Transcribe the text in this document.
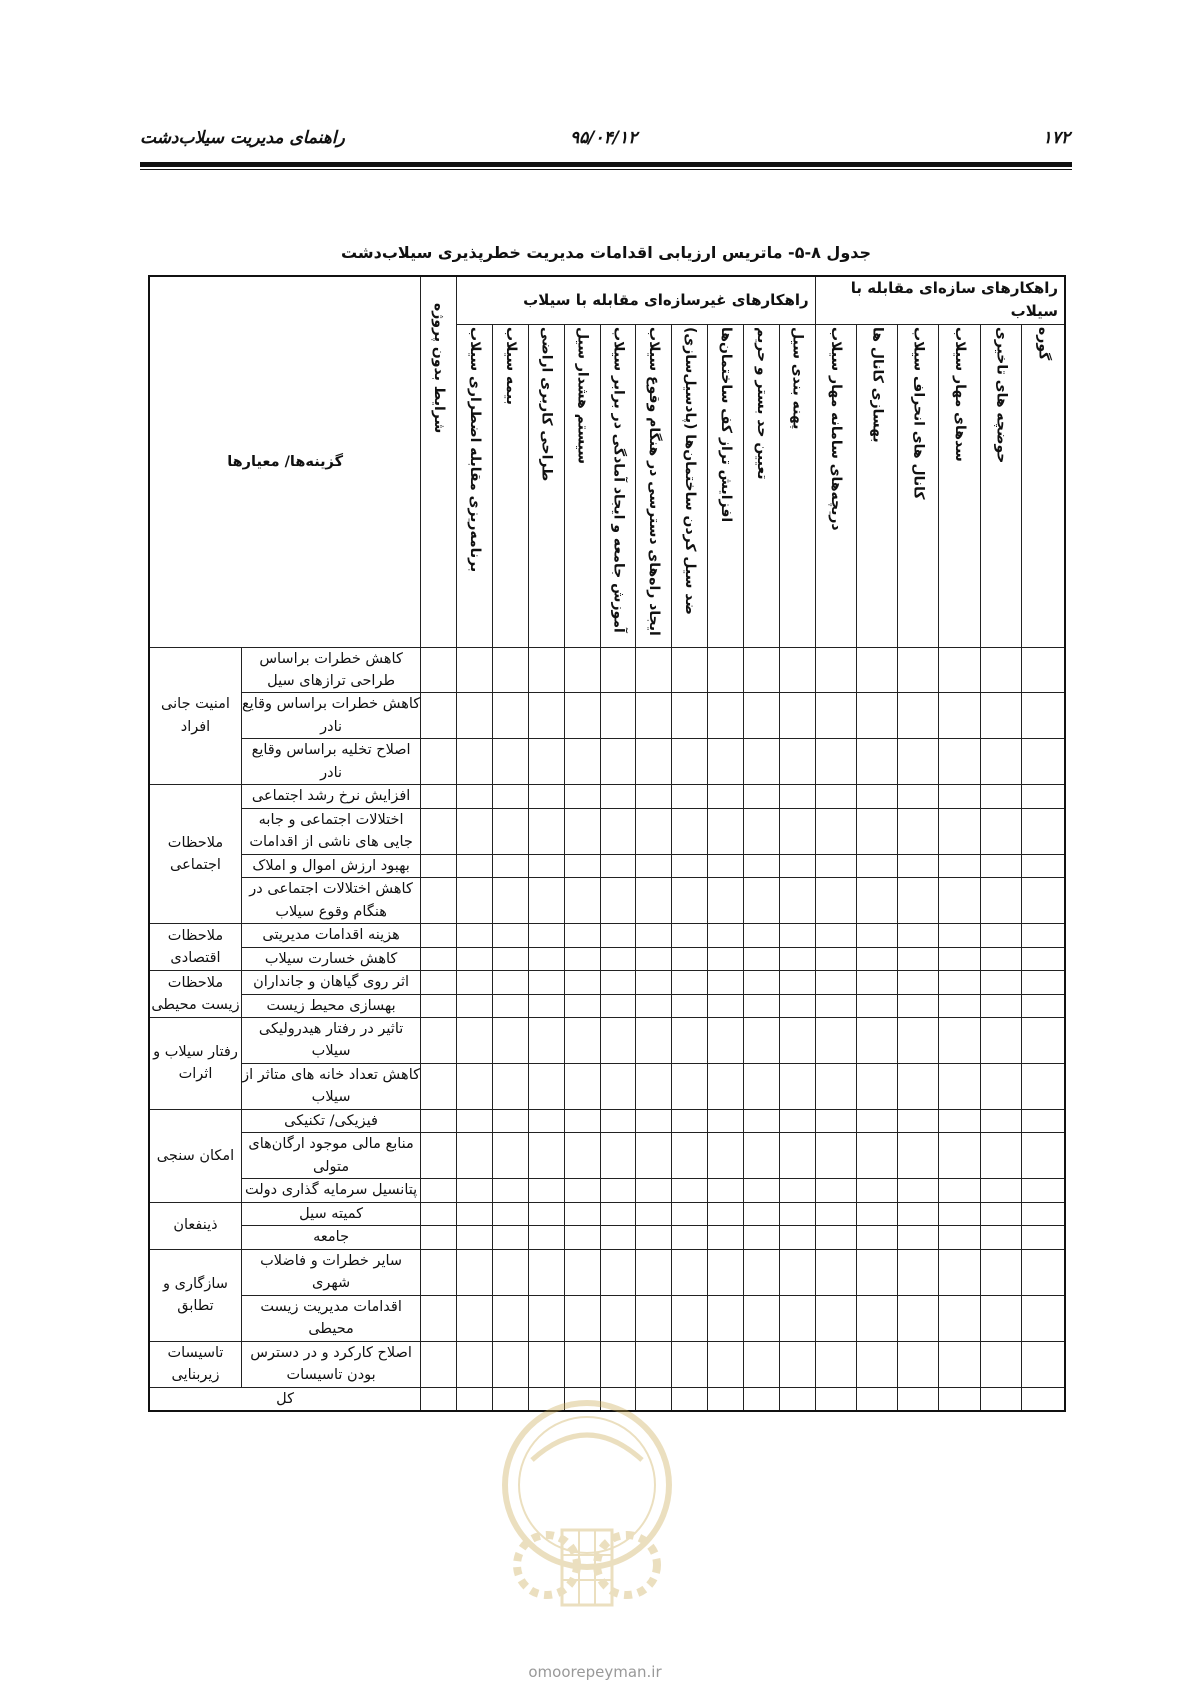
راهنمای مدیریت سیلاب‌دشت	۹۵/۰۴/۱۲	۱۷۲
جدول ۸-۵- ماتریس ارزیابی اقدامات مدیریت خطرپذیری سیلاب‌دشت
راهکارهای سازه‌ای مقابله با سیلاب						راهکارهای غیرسازه‌ای مقابله با سیلاب										شرایط بدون پروژه	گزینه‌ها/ معیارها	
گوره	حوضچه های تاخیری	سدهای مهار سیلاب	کانال های انحراف سیلاب	بهسازی کانال ها	دریچه‌های سامانه مهار سیلاب	پهنه بندی سیل	تعیین حد بستر و حریم	افزایش تراز کف ساختمان‌ها	ضد سیل کردن ساختمان‌ها (پادسیل‌سازی)	ایجاد راه‌های دسترسی در هنگام وقوع سیلاب	آموزش جامعه و ایجاد آمادگی در برابر سیلاب	سیستم هشدار سیل	طراحی کاربری اراضی	بیمه سیلاب	برنامه‌ریزی مقابله اضطراری سیلاب			
																	کاهش خطرات براساس طراحی ترازهای سیل	امنیت جانی افراد
																	کاهش خطرات براساس وقایع نادر	
																	اصلاح تخلیه براساس وقایع نادر	
																	افزایش نرخ رشد اجتماعی	ملاحظات اجتماعی
																	اختلالات اجتماعی و جابه جایی های ناشی از اقدامات	
																	بهبود ارزش اموال و املاک	
																	کاهش اختلالات اجتماعی در هنگام وقوع سیلاب	
																	هزینه اقدامات مدیریتی	ملاحظات اقتصادی
																	کاهش خسارت سیلاب	
																	اثر روی گیاهان و جانداران	ملاحظات زیست محیطی
																	بهسازی محیط زیست	
																	تاثیر در رفتار هیدرولیکی سیلاب	رفتار سیلاب و اثرات
																	کاهش تعداد خانه های متاثر از سیلاب	
																	فیزیکی/ تکنیکی	امکان سنجی
																	منابع مالی موجود ارگان‌های متولی	
																	پتانسیل سرمایه گذاری دولت	
																	کمیته سیل	ذینفعان
																	جامعه	
																	سایر خطرات و فاضلاب شهری	سازگاری و تطابق
																	اقدامات مدیریت زیست محیطی	
																	اصلاح کارکرد و در دسترس بودن تاسیسات	تاسیسات زیربنایی
																	کل	
omoorepeyman.ir
